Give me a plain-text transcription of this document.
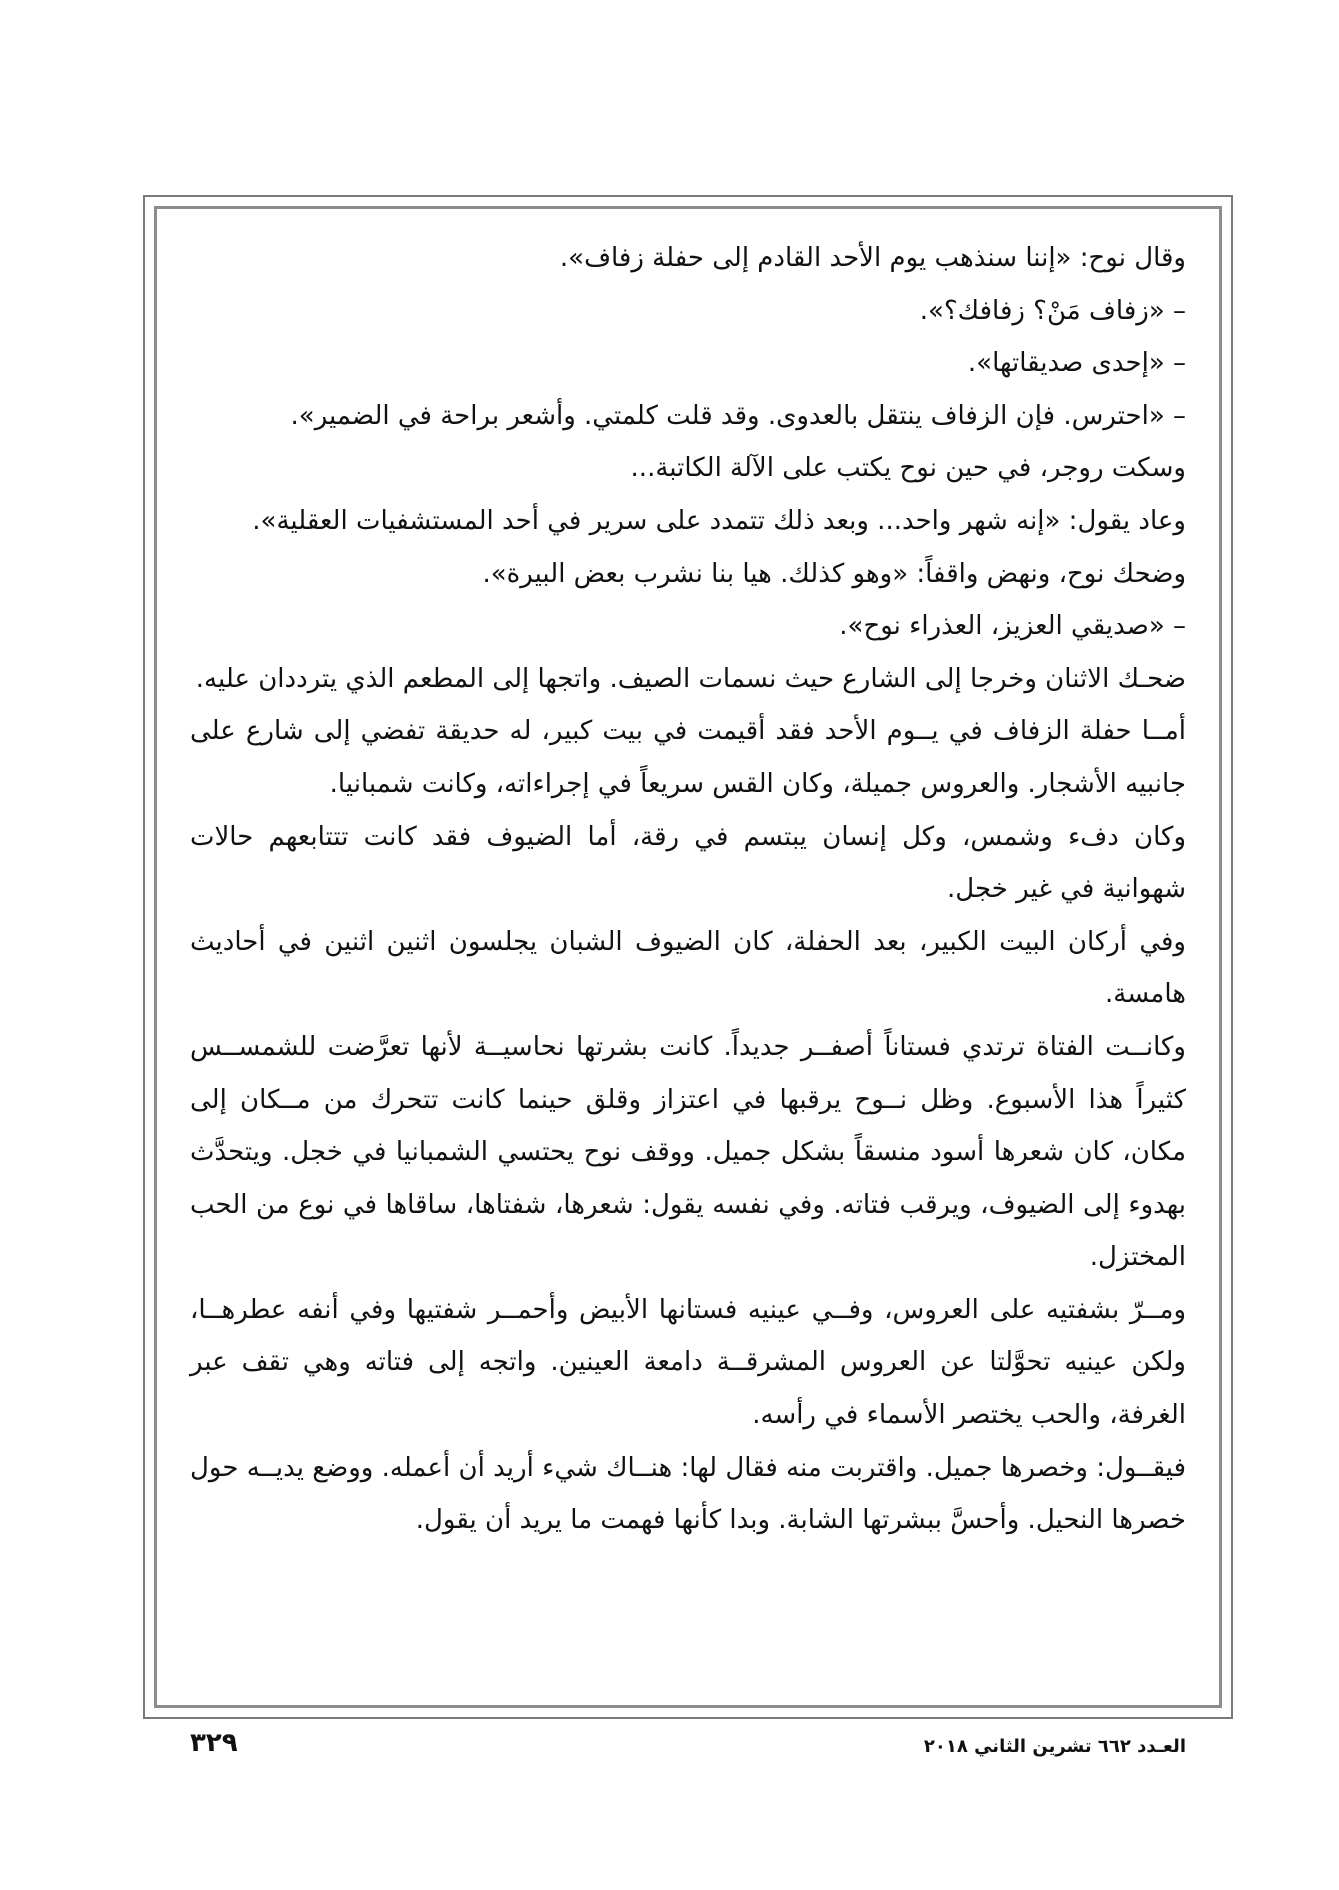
وقال نوح: «إننا سنذهب يوم الأحد القادم إلى حفلة زفاف».

– «زفاف مَنْ؟ زفافك؟».

– «إحدى صديقاتها».

– «احترس. فإن الزفاف ينتقل بالعدوى. وقد قلت كلمتي. وأشعر براحة في الضمير».

وسكت روجر، في حين نوح يكتب على الآلة الكاتبة...

وعاد يقول: «إنه شهر واحد... وبعد ذلك تتمدد على سرير في أحد المستشفيات العقلية».

وضحك نوح، ونهض واقفاً: «وهو كذلك. هيا بنا نشرب بعض البيرة».

– «صديقي العزيز، العذراء نوح».

ضحـك الاثنان وخرجا إلى الشارع حيث نسمات الصيف. واتجها إلى المطعم الذي يترددان عليه.

أمــا حفلة الزفاف في يــوم الأحد فقد أقيمت في بيت كبير، له حديقة تفضي إلى شارع على جانبيه الأشجار. والعروس جميلة، وكان القس سريعاً في إجراءاته، وكانت شمبانيا.

وكان دفء وشمس، وكل إنسان يبتسم في رقة، أما الضيوف فقد كانت تتتابعهم حالات شهوانية في غير خجل.

وفي أركان البيت الكبير، بعد الحفلة، كان الضيوف الشبان يجلسون اثنين اثنين في أحاديث هامسة.

وكانــت الفتاة ترتدي فستاناً أصفــر جديداً. كانت بشرتها نحاسيــة لأنها تعرَّضت للشمســس كثيراً هذا الأسبوع. وظل نــوح يرقبها في اعتزاز وقلق حينما كانت تتحرك من مــكان إلى مكان، كان شعرها أسود منسقاً بشكل جميل. ووقف نوح يحتسي الشمبانيا في خجل. ويتحدَّث بهدوء إلى الضيوف، ويرقب فتاته. وفي نفسه يقول: شعرها، شفتاها، ساقاها في نوع من الحب المختزل.

ومــرّ بشفتيه على العروس، وفــي عينيه فستانها الأبيض وأحمــر شفتيها وفي أنفه عطرهــا، ولكن عينيه تحوَّلتا عن العروس المشرقــة دامعة العينين. واتجه إلى فتاته وهي تقف عبر الغرفة، والحب يختصر الأسماء في رأسه.

فيقــول: وخصرها جميل. واقتربت منه فقال لها: هنــاك شيء أريد أن أعمله. ووضع يديــه حول خصرها النحيل. وأحسَّ ببشرتها الشابة. وبدا كأنها فهمت ما يريد أن يقول.

العـدد ٦٦٢ تشرين الثاني ٢٠١٨
٣٢٩
